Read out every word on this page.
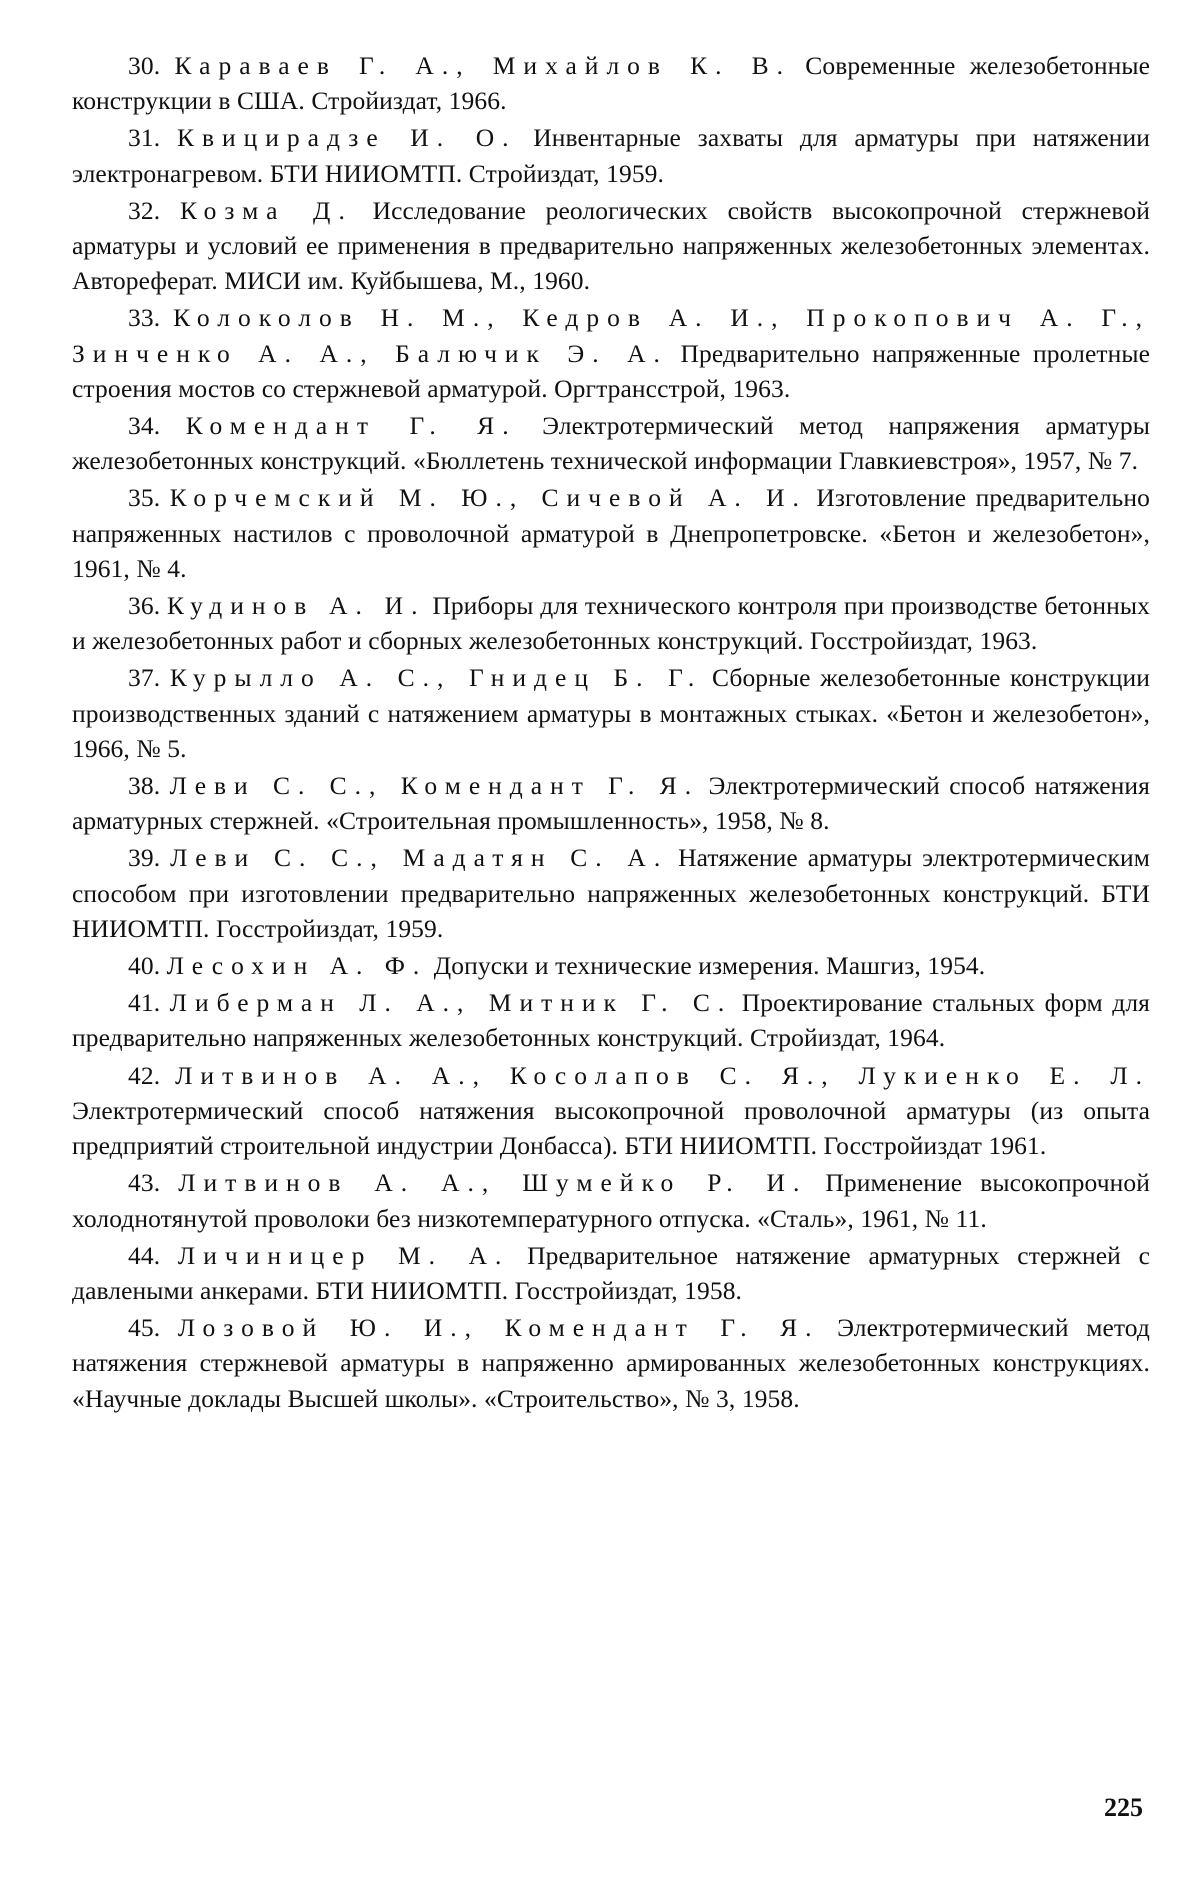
30. Караваев Г. А., Михайлов К. В. Современные железобетонные конструкции в США. Стройиздат, 1966.

31. Квицирадзе И. О. Инвентарные захваты для арматуры при натяжении электронагревом. БТИ НИИОМТП. Стройиздат, 1959.

32. Козма Д. Исследование реологических свойств высокопрочной стержневой арматуры и условий ее применения в предварительно напряженных железобетонных элементах. Автореферат. МИСИ им. Куйбышева, М., 1960.

33. Колоколов Н. М., Кедров А. И., Прокопович А. Г., Зинченко А. А., Балючик Э. А. Предварительно напряженные пролетные строения мостов со стержневой арматурой. Оргтрансстрой, 1963.

34. Комендант Г. Я. Электротермический метод напряжения арматуры железобетонных конструкций. «Бюллетень технической информации Главкиевстроя», 1957, № 7.

35. Корчемский М. Ю., Сичевой А. И. Изготовление предварительно напряженных настилов с проволочной арматурой в Днепропетровске. «Бетон и железобетон», 1961, № 4.

36. Кудинов А. И. Приборы для технического контроля при производстве бетонных и железобетонных работ и сборных железобетонных конструкций. Госстройиздат, 1963.

37. Курылло А. С., Гнидец Б. Г. Сборные железобетонные конструкции производственных зданий с натяжением арматуры в монтажных стыках. «Бетон и железобетон», 1966, № 5.

38. Леви С. С., Комендант Г. Я. Электротермический способ натяжения арматурных стержней. «Строительная промышленность», 1958, № 8.

39. Леви С. С., Мадатян С. А. Натяжение арматуры электротермическим способом при изготовлении предварительно напряженных железобетонных конструкций. БТИ НИИОМТП. Госстройиздат, 1959.

40. Лесохин А. Ф. Допуски и технические измерения. Машгиз, 1954.

41. Либерман Л. А., Митник Г. С. Проектирование стальных форм для предварительно напряженных железобетонных конструкций. Стройиздат, 1964.

42. Литвинов А. А., Косолапов С. Я., Лукиенко Е. Л. Электротермический способ натяжения высокопрочной проволочной арматуры (из опыта предприятий строительной индустрии Донбасса). БТИ НИИОМТП. Госстройиздат 1961.

43. Литвинов А. А., Шумейко Р. И. Применение высокопрочной холоднотянутой проволоки без низкотемпературного отпуска. «Сталь», 1961, № 11.

44. Личиницер М. А. Предварительное натяжение арматурных стержней с давлеными анкерами. БТИ НИИОМТП. Госстройиздат, 1958.

45. Лозовой Ю. И., Комендант Г. Я. Электротермический метод натяжения стержневой арматуры в напряженно армированных железобетонных конструкциях. «Научные доклады Высшей школы». «Строительство», № 3, 1958.

225
